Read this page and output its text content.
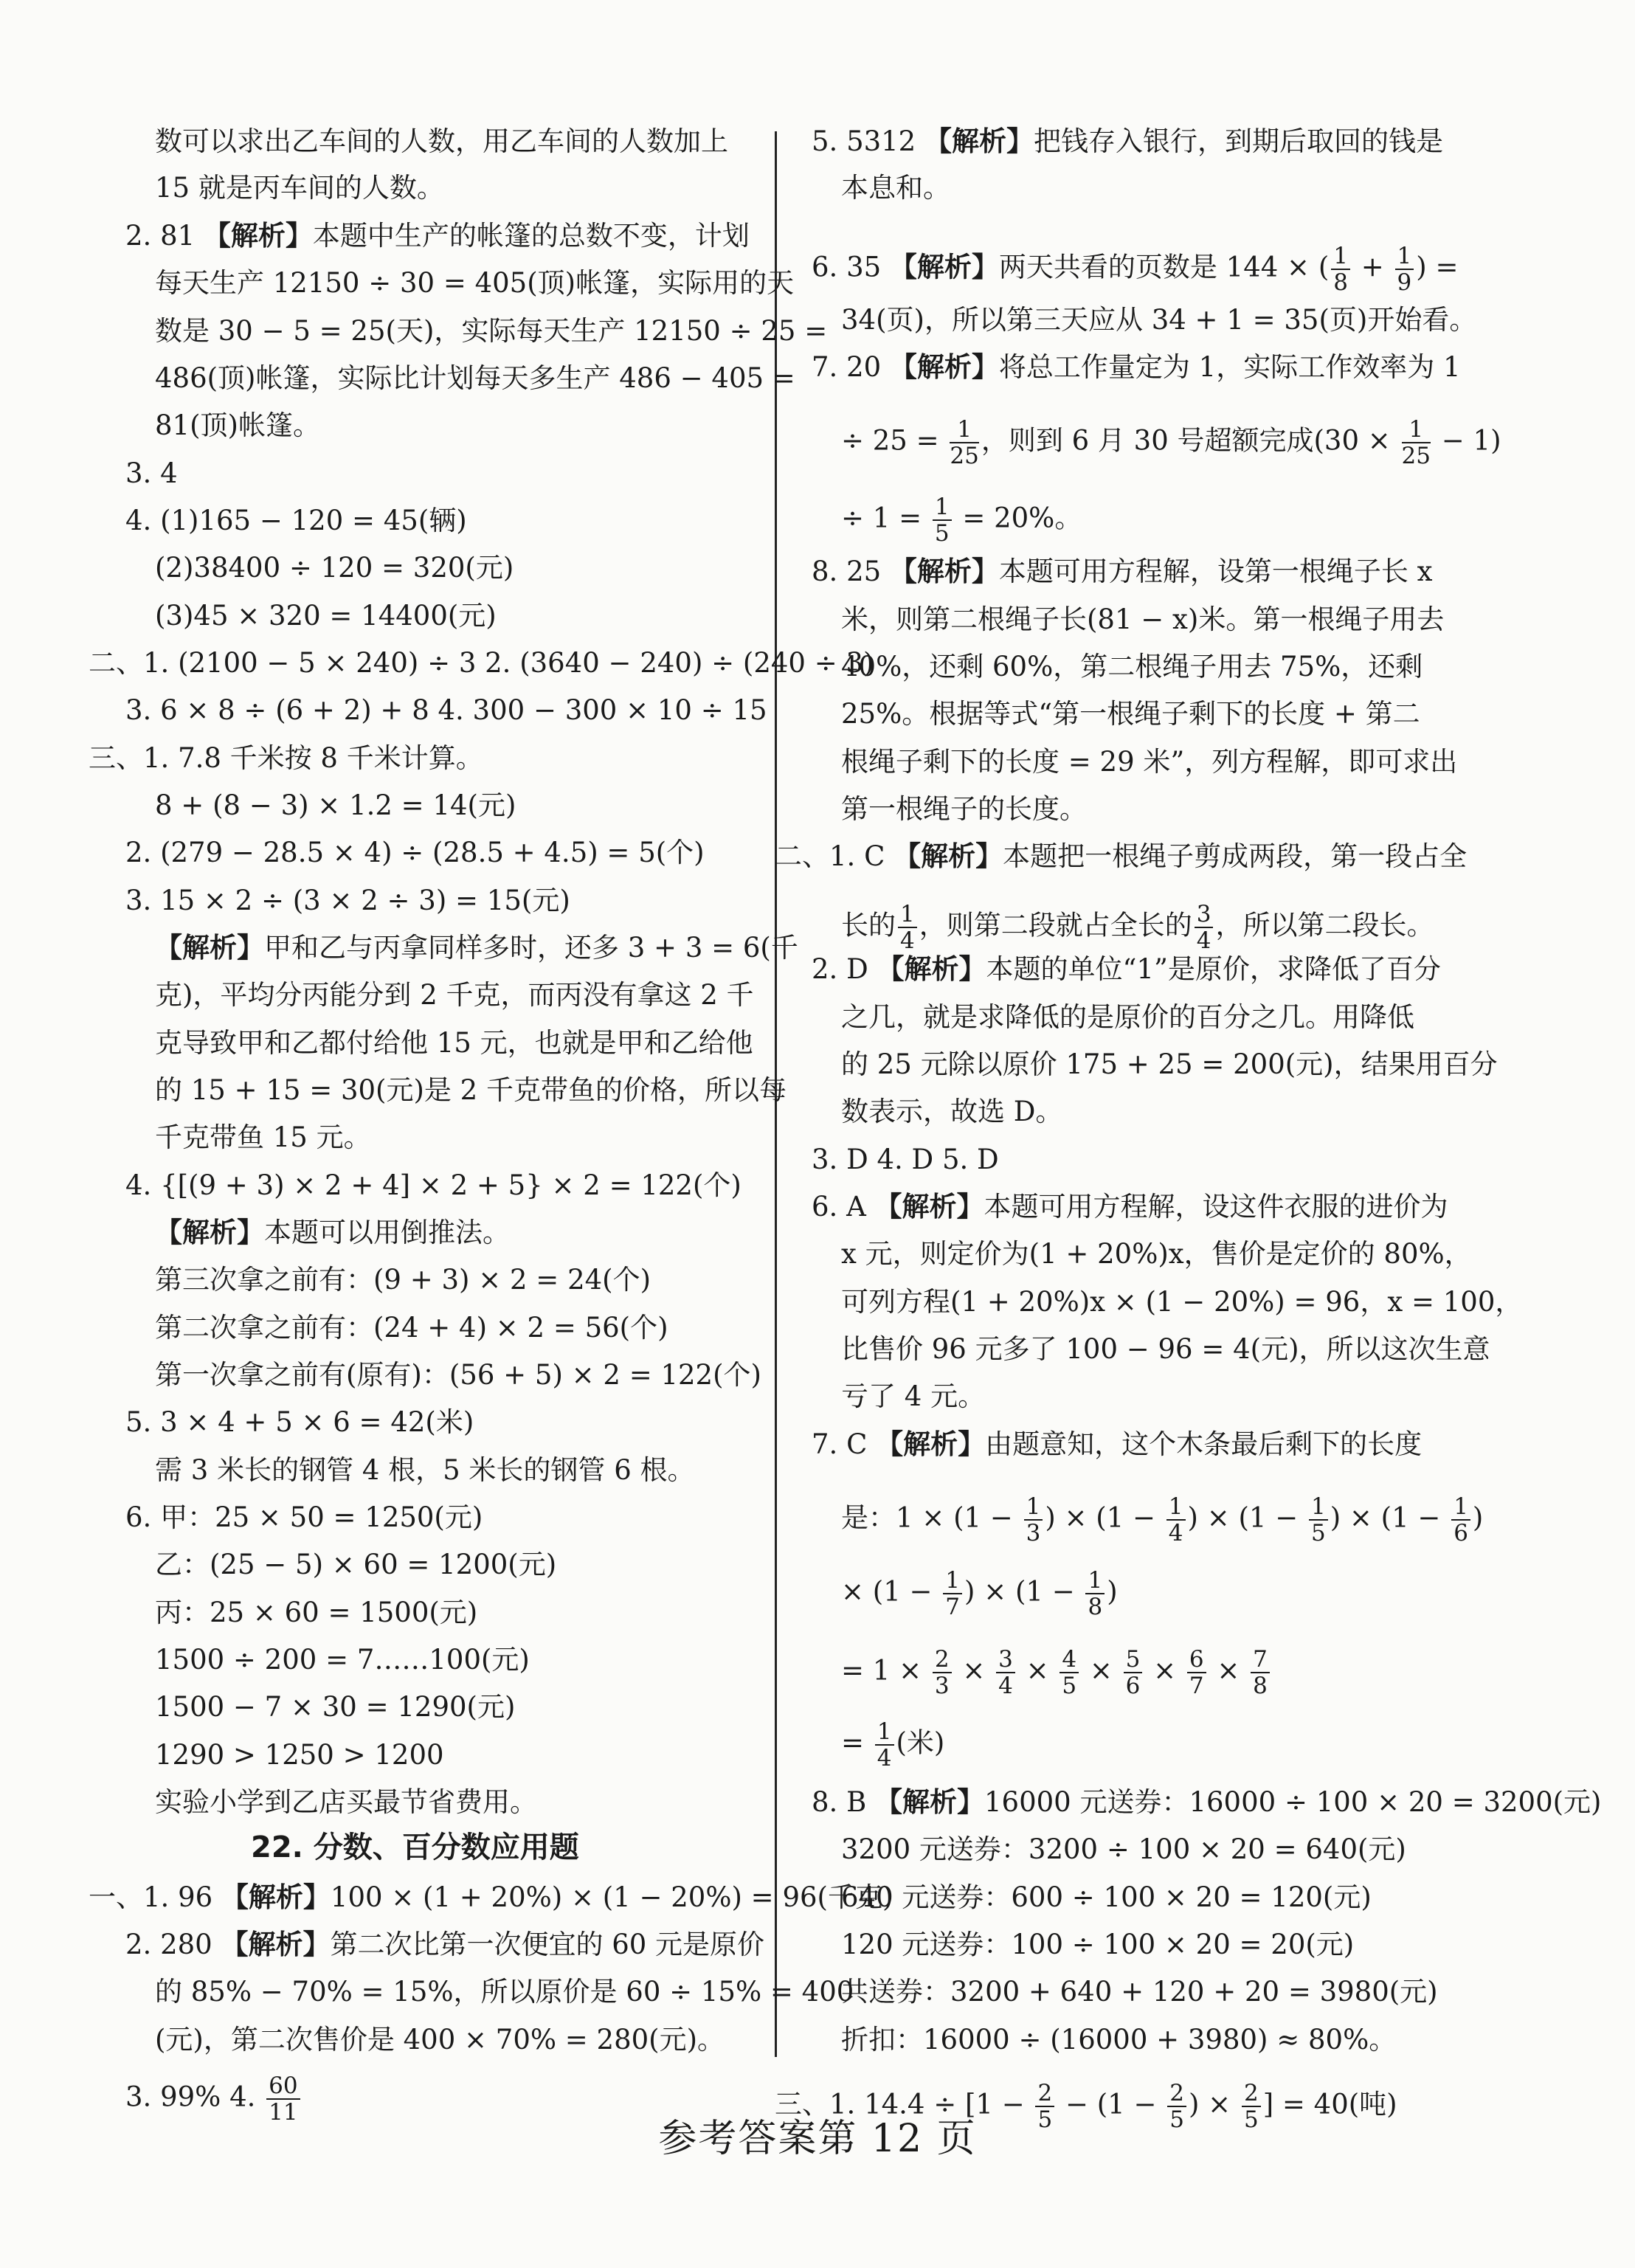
数可以求出乙车间的人数，用乙车间的人数加上
15 就是丙车间的人数。
2. 81 【解析】本题中生产的帐篷的总数不变，计划
每天生产 12150 ÷ 30 = 405(顶)帐篷，实际用的天
数是 30 − 5 = 25(天)，实际每天生产 12150 ÷ 25 =
486(顶)帐篷，实际比计划每天多生产 486 − 405 =
81(顶)帐篷。
3. 4
4. (1)165 − 120 = 45(辆)
(2)38400 ÷ 120 = 320(元)
(3)45 × 320 = 14400(元)
二、1. (2100 − 5 × 240) ÷ 3 2. (3640 − 240) ÷ (240 ÷ 3)
3. 6 × 8 ÷ (6 + 2) + 8 4. 300 − 300 × 10 ÷ 15
三、1. 7.8 千米按 8 千米计算。
8 + (8 − 3) × 1.2 = 14(元)
2. (279 − 28.5 × 4) ÷ (28.5 + 4.5) = 5(个)
3. 15 × 2 ÷ (3 × 2 ÷ 3) = 15(元)
【解析】甲和乙与丙拿同样多时，还多 3 + 3 = 6(千
克)，平均分丙能分到 2 千克，而丙没有拿这 2 千
克导致甲和乙都付给他 15 元，也就是甲和乙给他
的 15 + 15 = 30(元)是 2 千克带鱼的价格，所以每
千克带鱼 15 元。
4. {[(9 + 3) × 2 + 4] × 2 + 5} × 2 = 122(个)
【解析】本题可以用倒推法。
第三次拿之前有：(9 + 3) × 2 = 24(个)
第二次拿之前有：(24 + 4) × 2 = 56(个)
第一次拿之前有(原有)：(56 + 5) × 2 = 122(个)
5. 3 × 4 + 5 × 6 = 42(米)
需 3 米长的钢管 4 根，5 米长的钢管 6 根。
6. 甲：25 × 50 = 1250(元)
乙：(25 − 5) × 60 = 1200(元)
丙：25 × 60 = 1500(元)
1500 ÷ 200 = 7……100(元)
1500 − 7 × 30 = 1290(元)
1290 > 1250 > 1200
实验小学到乙店买最节省费用。
一、1. 96 【解析】100 × (1 + 20%) × (1 − 20%) = 96(千克)
2. 280 【解析】第二次比第一次便宜的 60 元是原价
的 85% − 70% = 15%，所以原价是 60 ÷ 15% = 400
(元)，第二次售价是 400 × 70% = 280(元)。
22. 分数、百分数应用题
3. 99% 4. $\frac{60}{11}$
5. 5312 【解析】把钱存入银行，到期后取回的钱是
本息和。
34(页)，所以第三天应从 34 + 1 = 35(页)开始看。
8. 25 【解析】本题可用方程解，设第一根绳子长 x
米，则第二根绳子长(81 − x)米。第一根绳子用去
40%，还剩 60%，第二根绳子用去 75%，还剩
25%。根据等式“第一根绳子剩下的长度 + 第二
根绳子剩下的长度 = 29 米”，列方程解，即可求出
第一根绳子的长度。
二、1. C 【解析】本题把一根绳子剪成两段，第一段占全
2. D 【解析】本题的单位“1”是原价，求降低了百分
之几，就是求降低的是原价的百分之几。用降低
的 25 元除以原价 175 + 25 = 200(元)，结果用百分
数表示，故选 D。
3. D 4. D 5. D
6. A 【解析】本题可用方程解，设这件衣服的进价为
x 元，则定价为(1 + 20%)x，售价是定价的 80%，
可列方程(1 + 20%)x × (1 − 20%) = 96，x = 100，
比售价 96 元多了 100 − 96 = 4(元)，所以这次生意
亏了 4 元。
7. C 【解析】由题意知，这个木条最后剩下的长度
8. B 【解析】16000 元送券：16000 ÷ 100 × 20 = 3200(元)
3200 元送券：3200 ÷ 100 × 20 = 640(元)
640 元送券：600 ÷ 100 × 20 = 120(元)
120 元送券：100 ÷ 100 × 20 = 20(元)
共送券：3200 + 640 + 120 + 20 = 3980(元)
折扣：16000 ÷ (16000 + 3980) ≈ 80%。
6. 35 【解析】两天共看的页数是 144 × ( $\frac{1}{8} + \frac{1}{9}$ ) =
7. 20 【解析】将总工作量定为 1，实际工作效率为 1
÷ $25 = \frac{1}{25}$ ，则到 6 月 30 号超额完成$(30 \times \frac{1}{25} - 1)$
÷ $1 = \frac{1}{5} = 20\%$。
长的 $\frac{1}{4}$ ，则第二段就占全长的 $\frac{3}{4}$ ，所以第二段长。
是：$1 \times (1 - \frac{1}{3}$ ) × ($1 - \frac{1}{4}$ ) × ($1 - \frac{1}{5}$ ) × ($1 - \frac{1}{6}$ )
× ($1 - \frac{1}{7}$ ) × ($1 - \frac{1}{8}$ )
= $1 \times \frac{2}{3} \times \frac{3}{4} \times \frac{4}{5} \times \frac{5}{6} \times \frac{6}{7} \times \frac{7}{8}$
= $\frac{1}{4}$ (米)
三、1. $14.4 \div [1 - \frac{2}{5} - (1 - \frac{2}{5}$ ) × $\frac{2}{5}$ ] = 40(吨)
参考答案第 12 页
